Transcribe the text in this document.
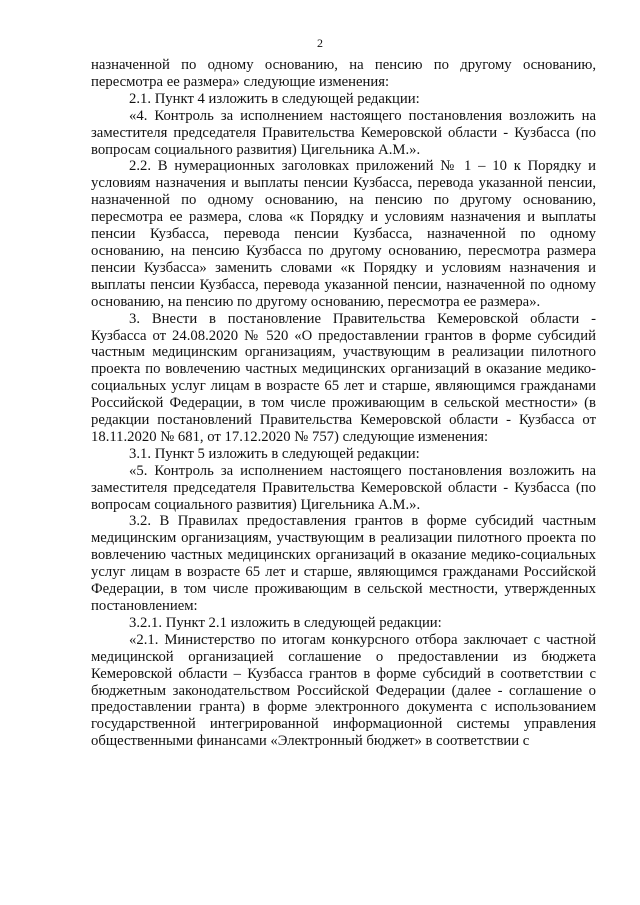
2

назначенной по одному основанию, на пенсию по другому основанию, пересмотра ее размера» следующие изменения:

2.1. Пункт 4 изложить в следующей редакции:

«4. Контроль за исполнением настоящего постановления возложить на заместителя председателя Правительства Кемеровской области - Кузбасса (по вопросам социального развития) Цигельника А.М.».

2.2. В нумерационных заголовках приложений № 1 – 10 к Порядку и условиям назначения и выплаты пенсии Кузбасса, перевода указанной пенсии, назначенной по одному основанию, на пенсию по другому основанию, пересмотра ее размера, слова «к Порядку и условиям назначения и выплаты пенсии Кузбасса, перевода пенсии Кузбасса, назначенной по одному основанию, на пенсию Кузбасса по другому основанию, пересмотра размера пенсии Кузбасса» заменить словами «к Порядку и условиям назначения и выплаты пенсии Кузбасса, перевода указанной пенсии, назначенной по одному основанию, на пенсию по другому основанию, пересмотра ее размера».

3. Внести в постановление Правительства Кемеровской области - Кузбасса от 24.08.2020 № 520 «О предоставлении грантов в форме субсидий частным медицинским организациям, участвующим в реализации пилотного проекта по вовлечению частных медицинских организаций в оказание медико-социальных услуг лицам в возрасте 65 лет и старше, являющимся гражданами Российской Федерации, в том числе проживающим в сельской местности» (в редакции постановлений Правительства Кемеровской области - Кузбасса от 18.11.2020 № 681, от 17.12.2020 № 757) следующие изменения:

3.1. Пункт 5 изложить в следующей редакции:

«5. Контроль за исполнением настоящего постановления возложить на заместителя председателя Правительства Кемеровской области - Кузбасса (по вопросам социального развития) Цигельника А.М.».

3.2. В Правилах предоставления грантов в форме субсидий частным медицинским организациям, участвующим в реализации пилотного проекта по вовлечению частных медицинских организаций в оказание медико-социальных услуг лицам в возрасте 65 лет и старше, являющимся гражданами Российской Федерации, в том числе проживающим в сельской местности, утвержденных постановлением:

3.2.1. Пункт 2.1 изложить в следующей редакции:

«2.1. Министерство по итогам конкурсного отбора заключает с частной медицинской организацией соглашение о предоставлении из бюджета Кемеровской области – Кузбасса грантов в форме субсидий в соответствии с бюджетным законодательством Российской Федерации (далее - соглашение о предоставлении гранта) в форме электронного документа с использованием государственной интегрированной информационной системы управления общественными финансами «Электронный бюджет» в соответствии с
